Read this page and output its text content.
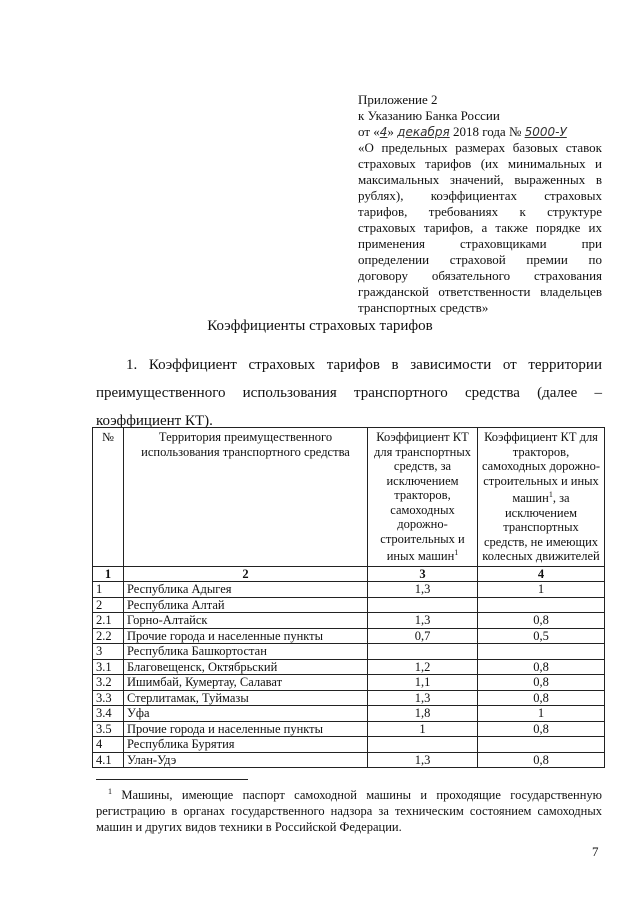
Приложение 2
к Указанию Банка России
от «4» декабря 2018 года № 5000-У
«О предельных размерах базовых ставок
страховых тарифов (их минимальных и
максимальных значений, выраженных в
рублях), коэффициентах страховых
тарифов, требованиях к структуре
страховых тарифов, а также порядке их
применения страховщиками при
определении страховой премии по
договору обязательного страхования
гражданской ответственности владельцев
транспортных средств»
Коэффициенты страховых тарифов
1. Коэффициент страховых тарифов в зависимости от территории
преимущественного использования транспортного средства (далее –
коэффициент КТ).
№	Территория преимущественного использования транспортного средства	Коэффициент КТ для транспортных средств, за исключением тракторов, самоходных дорожно-строительных и иных машин$^1$	Коэффициент КТ для тракторов, самоходных дорожно-строительных и иных машин$^1$, за исключением транспортных средств, не имеющих колесных движителей
1	2	3	4
1	Республика Адыгея	1,3	1
2	Республика Алтай		
2.1	Горно-Алтайск	1,3	0,8
2.2	Прочие города и населенные пункты	0,7	0,5
3	Республика Башкортостан		
3.1	Благовещенск, Октябрьский	1,2	0,8
3.2	Ишимбай, Кумертау, Салават	1,1	0,8
3.3	Стерлитамак, Туймазы	1,3	0,8
3.4	Уфа	1,8	1
3.5	Прочие города и населенные пункты	1	0,8
4	Республика Бурятия		
4.1	Улан-Удэ	1,3	0,8
$^1$ Машины, имеющие паспорт самоходной машины и проходящие государственную регистрацию в органах государственного надзора за техническим состоянием самоходных машин и других видов техники в Российской Федерации.
7
